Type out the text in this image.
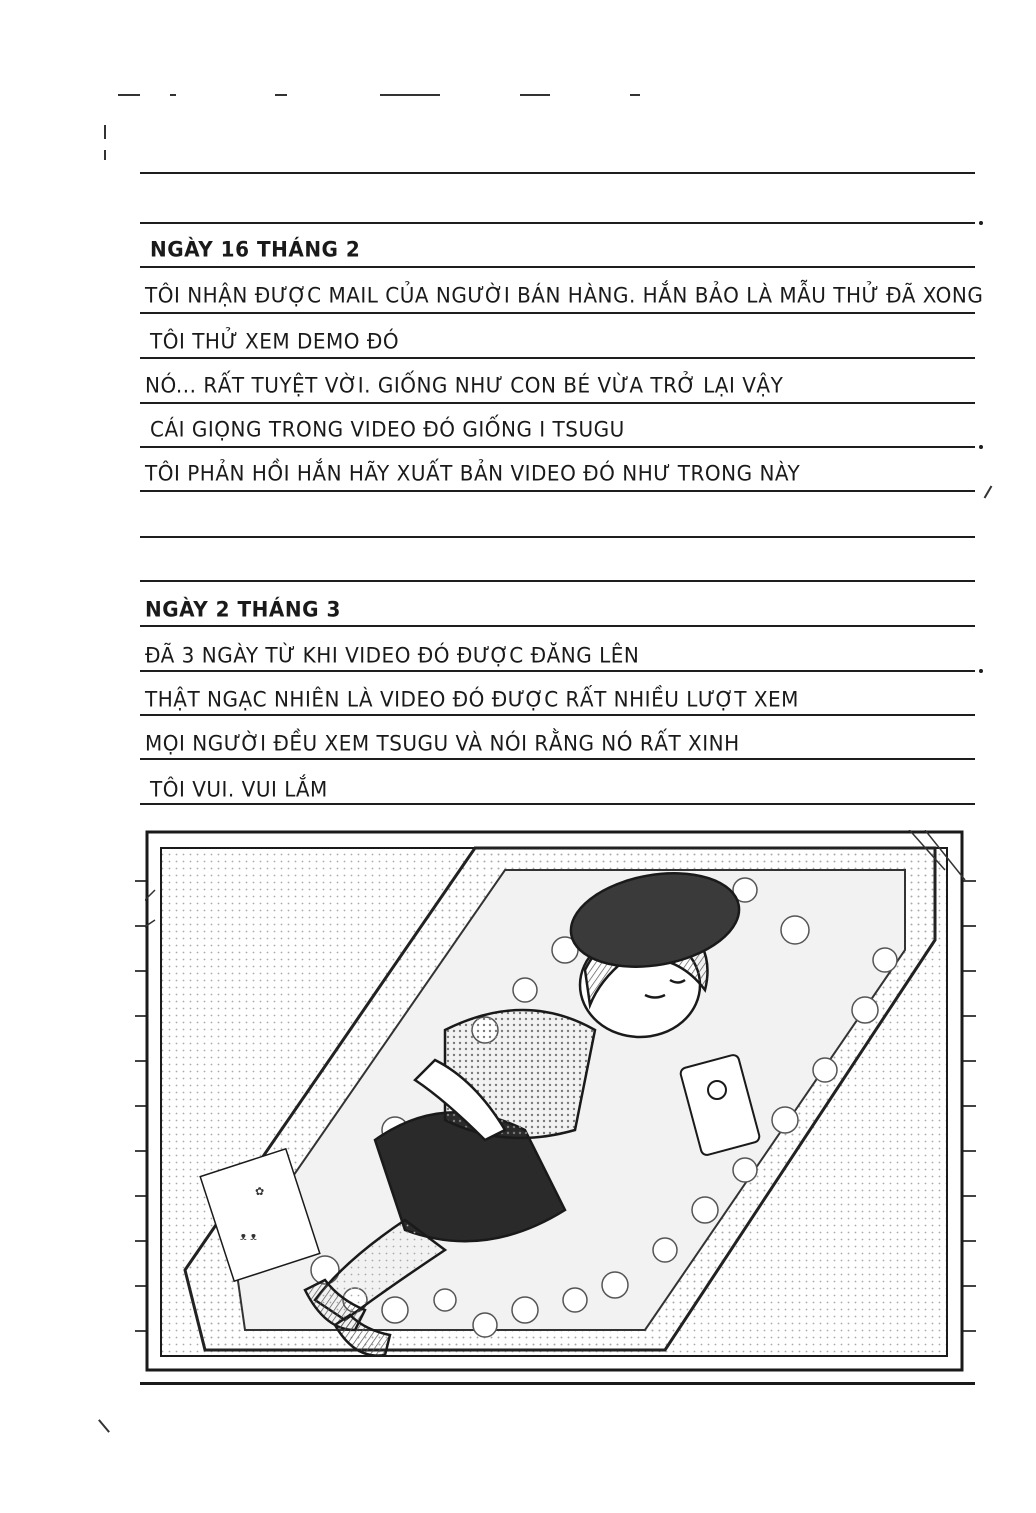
NGÀY 16 THÁNG 2
TÔI NHẬN ĐƯỢC MAIL CỦA NGƯỜI BÁN HÀNG. HẮN BẢO LÀ MẪU THỬ ĐÃ XONG
TÔI THỬ XEM DEMO ĐÓ
NÓ... RẤT TUYỆT VỜI. GIỐNG NHƯ CON BÉ VỪA TRỞ LẠI VẬY
CÁI GIỌNG TRONG VIDEO ĐÓ GIỐNG I TSUGU
TÔI PHẢN HỒI HẮN HÃY XUẤT BẢN VIDEO ĐÓ NHƯ TRONG NÀY
NGÀY 2 THÁNG 3
ĐÃ 3 NGÀY TỪ KHI VIDEO ĐÓ ĐƯỢC ĐĂNG LÊN
THẬT NGẠC NHIÊN LÀ VIDEO ĐÓ ĐƯỢC RẤT NHIỀU LƯỢT XEM
MỌI NGƯỜI ĐỀU XEM TSUGU VÀ NÓI RẰNG NÓ RẤT XINH
TÔI VUI. VUI LẮM
✿
ᴥ ᴥ
